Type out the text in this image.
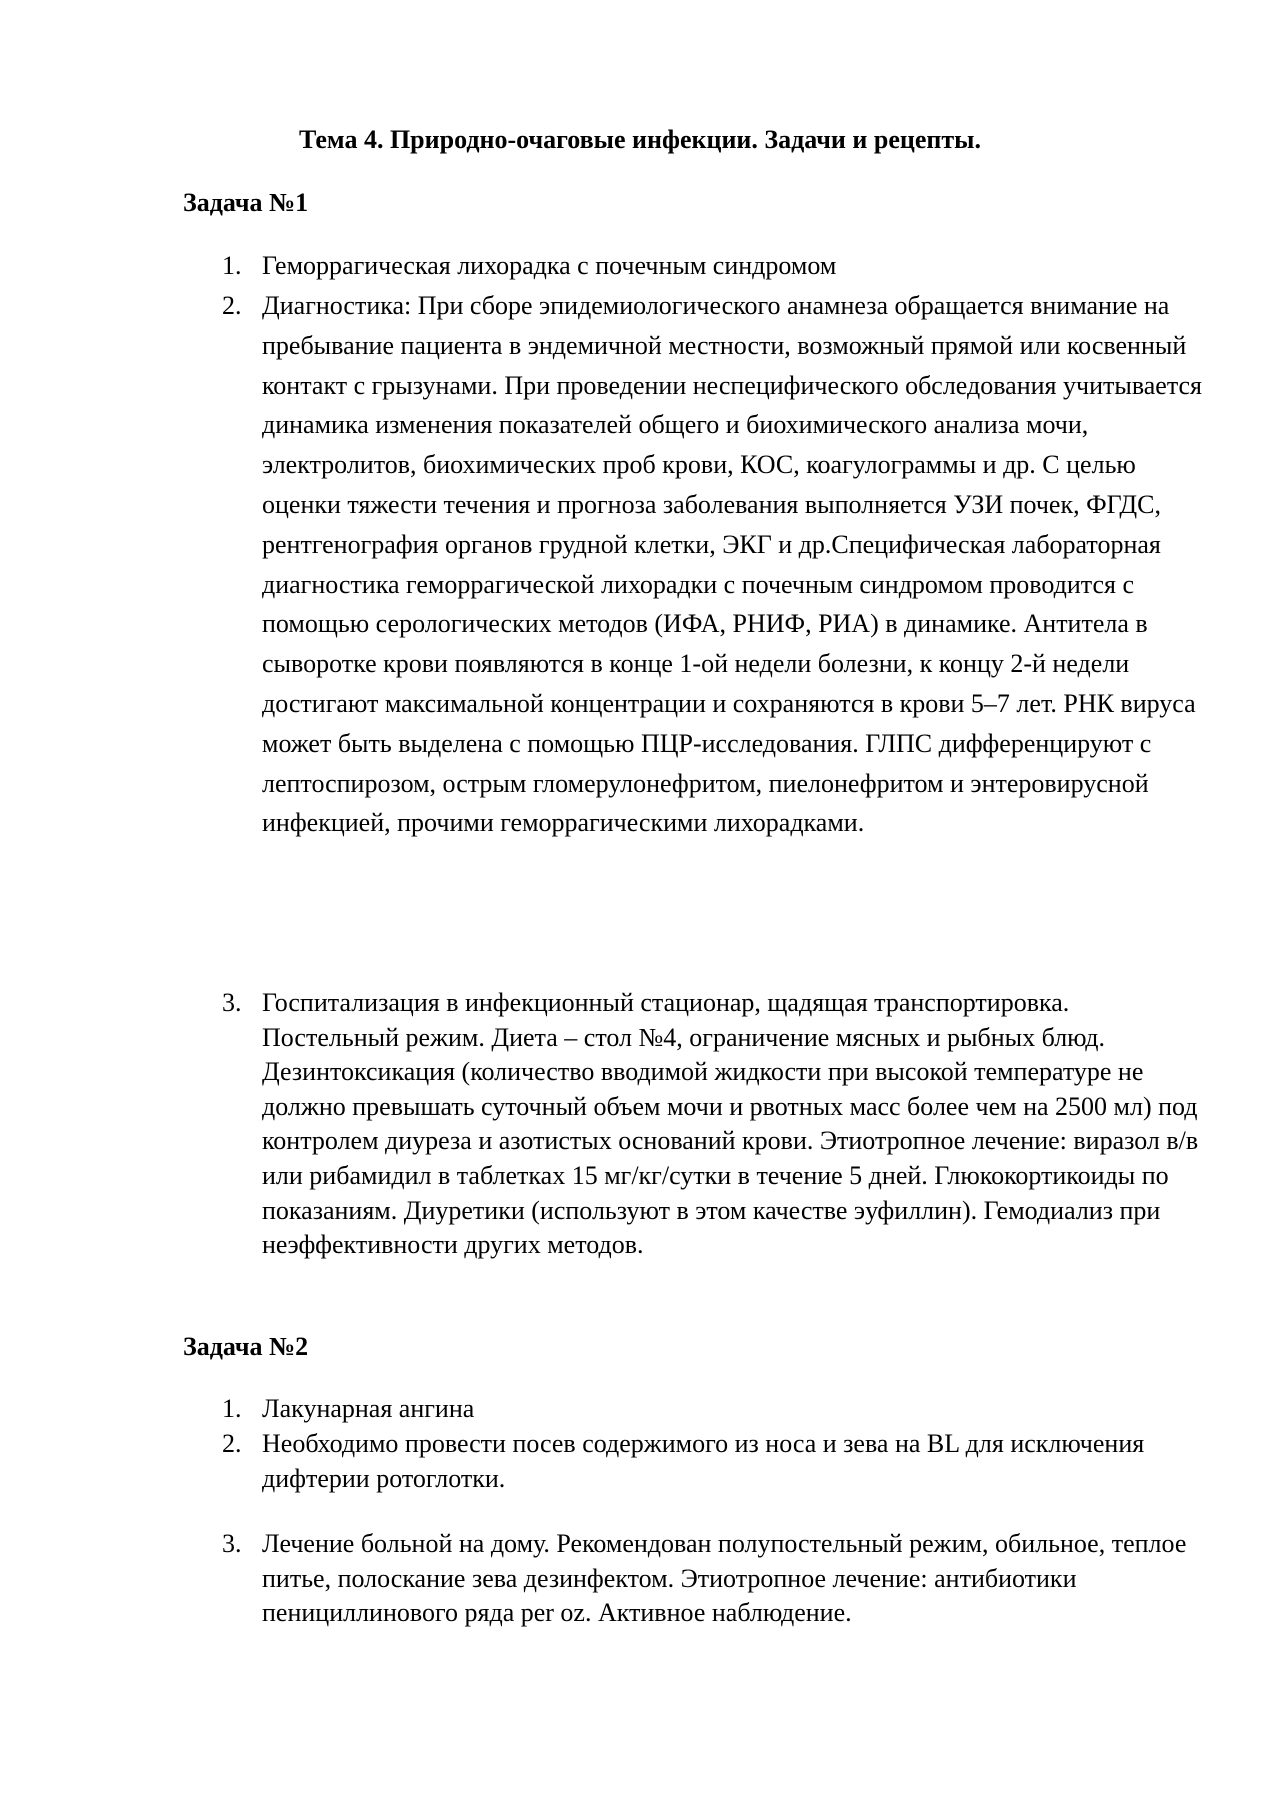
Тема 4. Природно-очаговые инфекции. Задачи и рецепты.
Задача №1
1. Геморрагическая лихорадка с почечным синдромом
2. Диагностика: При сборе эпидемиологического анамнеза обращается внимание на пребывание пациента в эндемичной местности, возможный прямой или косвенный контакт с грызунами. При проведении неспецифического обследования учитывается динамика изменения показателей общего и биохимического анализа мочи, электролитов, биохимических проб крови, КОС, коагулограммы и др. С целью оценки тяжести течения и прогноза заболевания выполняется УЗИ почек, ФГДС, рентгенография органов грудной клетки, ЭКГ и др.Специфическая лабораторная диагностика геморрагической лихорадки с почечным синдромом проводится с помощью серологических методов (ИФА, РНИФ, РИА) в динамике. Антитела в сыворотке крови появляются в конце 1-ой недели болезни, к концу 2-й недели достигают максимальной концентрации и сохраняются в крови 5–7 лет. РНК вируса может быть выделена с помощью ПЦР-исследования. ГЛПС дифференцируют с лептоспирозом, острым гломерулонефритом, пиелонефритом и энтеровирусной инфекцией, прочими геморрагическими лихорадками.
3. Госпитализация в инфекционный стационар, щадящая транспортировка. Постельный режим. Диета – стол №4, ограничение мясных и рыбных блюд. Дезинтоксикация (количество вводимой жидкости при высокой температуре не должно превышать суточный объем мочи и рвотных масс более чем на 2500 мл) под контролем диуреза и азотистых оснований крови. Этиотропное лечение: виразол в/в или рибамидил в таблетках 15 мг/кг/сутки в течение 5 дней. Глюкокортикоиды по показаниям. Диуретики (используют в этом качестве эуфиллин). Гемодиализ при неэффективности других методов.
Задача №2
1. Лакунарная ангина
2. Необходимо провести посев содержимого из носа и зева на BL для исключения дифтерии ротоглотки.
3. Лечение больной на дому. Рекомендован полупостельный режим, обильное, теплое питье, полоскание зева дезинфектом. Этиотропное лечение: антибиотики пенициллинового ряда per oz. Активное наблюдение.
